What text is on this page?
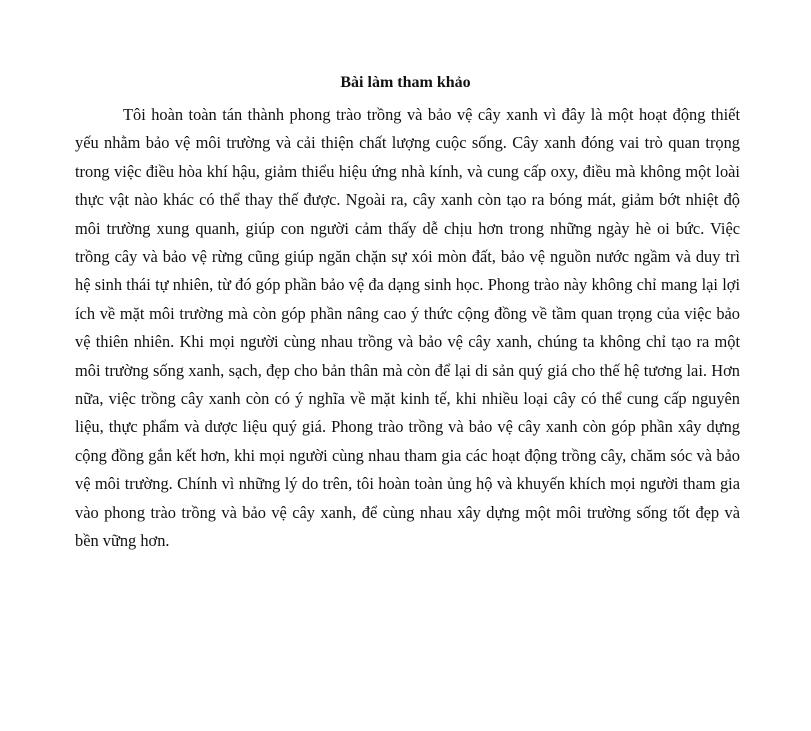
Bài làm tham khảo

Tôi hoàn toàn tán thành phong trào trồng và bảo vệ cây xanh vì đây là một hoạt động thiết yếu nhằm bảo vệ môi trường và cải thiện chất lượng cuộc sống. Cây xanh đóng vai trò quan trọng trong việc điều hòa khí hậu, giảm thiểu hiệu ứng nhà kính, và cung cấp oxy, điều mà không một loài thực vật nào khác có thể thay thế được. Ngoài ra, cây xanh còn tạo ra bóng mát, giảm bớt nhiệt độ môi trường xung quanh, giúp con người cảm thấy dễ chịu hơn trong những ngày hè oi bức. Việc trồng cây và bảo vệ rừng cũng giúp ngăn chặn sự xói mòn đất, bảo vệ nguồn nước ngầm và duy trì hệ sinh thái tự nhiên, từ đó góp phần bảo vệ đa dạng sinh học. Phong trào này không chỉ mang lại lợi ích về mặt môi trường mà còn góp phần nâng cao ý thức cộng đồng về tầm quan trọng của việc bảo vệ thiên nhiên. Khi mọi người cùng nhau trồng và bảo vệ cây xanh, chúng ta không chỉ tạo ra một môi trường sống xanh, sạch, đẹp cho bản thân mà còn để lại di sản quý giá cho thế hệ tương lai. Hơn nữa, việc trồng cây xanh còn có ý nghĩa về mặt kinh tế, khi nhiều loại cây có thể cung cấp nguyên liệu, thực phẩm và dược liệu quý giá. Phong trào trồng và bảo vệ cây xanh còn góp phần xây dựng cộng đồng gắn kết hơn, khi mọi người cùng nhau tham gia các hoạt động trồng cây, chăm sóc và bảo vệ môi trường. Chính vì những lý do trên, tôi hoàn toàn ủng hộ và khuyến khích mọi người tham gia vào phong trào trồng và bảo vệ cây xanh, để cùng nhau xây dựng một môi trường sống tốt đẹp và bền vững hơn.
